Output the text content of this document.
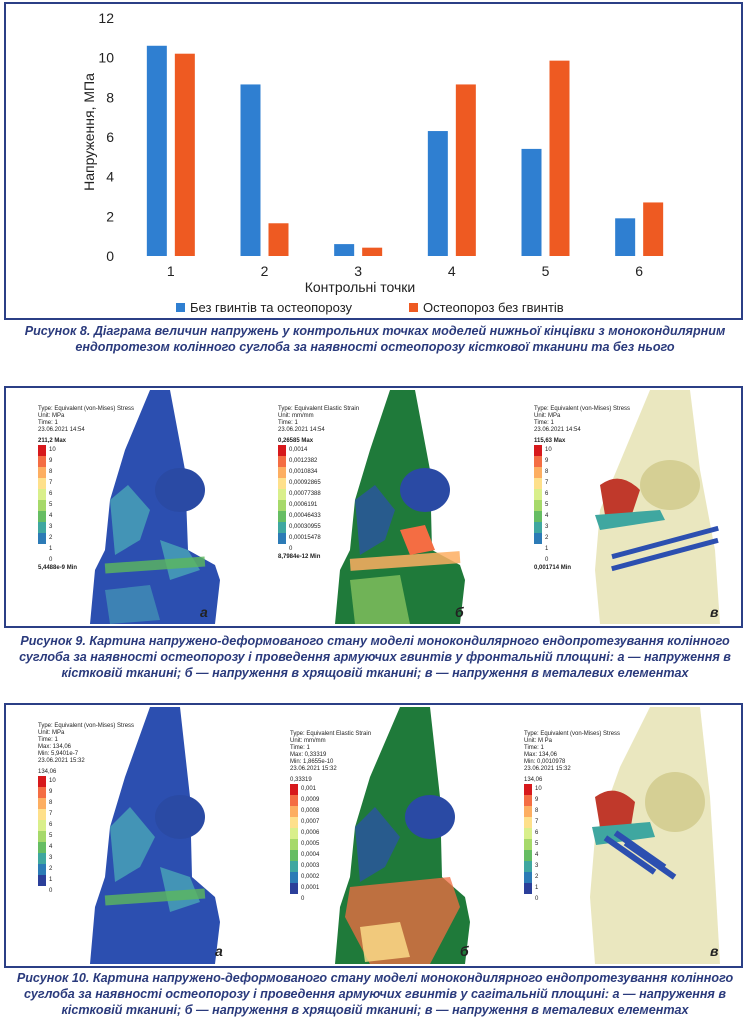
Напруження, МПа
Контрольні точки
0
2
4
6
8
10
12
1	2	3	4	5	6
Без гвинтів та остеопорозу	Остеопороз без гвинтів
Рисунок 8. Діаграма величин напружень у контрольних точках моделей нижньої кінцівки з монокондилярним ендопротезом колінного суглоба за наявності остеопорозу кісткової тканини та без нього
Type: Equivalent (von-Mises) Stress
Unit: MPa
Time: 1
23.06.2021 14:54
211,2 Max
10
9
8
7
6
5
4
3
2
1
0
5,4488e-9 Min
а
Type: Equivalent Elastic Strain
Unit: mm/mm
Time: 1
23.06.2021 14:54
0,26585 Max
0,0014
0,0012382
0,0010834
0,00092865
0,00077388
0,0006191
0,00046433
0,00030955
0,00015478
0
8,7984e-12 Min
б
Type: Equivalent (von-Mises) Stress
Unit: MPa
Time: 1
23.06.2021 14:54
115,63 Max
10
9
8
7
6
5
4
3
2
1
0
0,001714 Min
в
Рисунок 9. Картина напружено-деформованого стану моделі монокондилярного ендопротезування колінного суглоба за наявності остеопорозу і проведення армуючих гвинтів у фронтальній площині: а — напруження в кістковій тканині; б — напруження в хрящовій тканині; в — напруження в металевих елементах
Type: Equivalent (von-Mises) Stress
Unit: MPa
Time: 1
Max: 134,06
Min: 5,9401e-7
23.06.2021 15:32
134,06
10
9
8
7
6
5
4
3
2
1
0
а
Type: Equivalent Elastic Strain
Unit: mm/mm
Time: 1
Max: 0,33319
Min: 1,8655e-10
23.06.2021 15:32
0,33319
0,001
0,0009
0,0008
0,0007
0,0006
0,0005
0,0004
0,0003
0,0002
0,0001
0
б
Type: Equivalent (von-Mises) Stress
Unit: M Pa
Time: 1
Max: 134,06
Min: 0,0010978
23.06.2021 15:32
134,06
10
9
8
7
6
5
4
3
2
1
0
в
Рисунок 10. Картина напружено-деформованого стану моделі монокондилярного ендопротезування колінного суглоба за наявності остеопорозу і проведення армуючих гвинтів у сагітальній площині: а — напруження в кістковій тканині; б — напруження в хрящовій тканині; в — напруження в металевих елементах
